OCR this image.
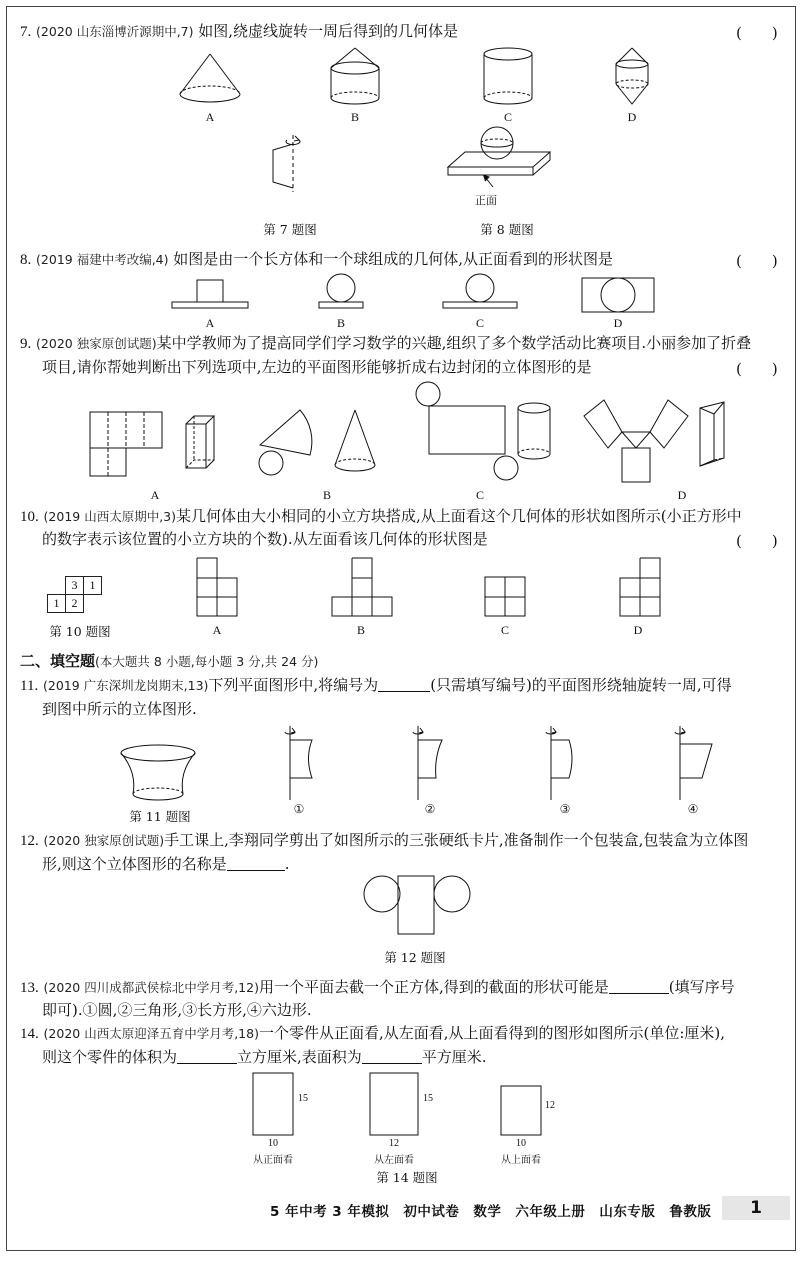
7. (2020 山东淄博沂源期中,7) 如图,绕虚线旋转一周后得到的几何体是	(　　)
A	B	C	D
第 7 题图
正面
第 8 题图
8. (2019 福建中考改编,4) 如图是由一个长方体和一个球组成的几何体,从正面看到的形状图是	(　　)
A	B	C	D
9. (2020 独家原创试题)某中学教师为了提高同学们学习数学的兴趣,组织了多个数学活动比赛项目.小丽参加了折叠
项目,请你帮她判断出下列选项中,左边的平面图形能够折成右边封闭的立体图形的是	(　　)
A	B	C	D
10. (2019 山西太原期中,3)某几何体由大小相同的小立方块搭成,从上面看这个几何体的形状如图所示(小正方形中
的数字表示该位置的小立方块的个数).从左面看该几何体的形状图是	(　　)
3	1
1	2
第 10 题图	A	B	C	D
二、填空题(本大题共 8 小题,每小题 3 分,共 24 分)
11. (2019 广东深圳龙岗期末,13)下列平面图形中,将编号为	(只需填写编号)的平面图形绕轴旋转一周,可得
到图中所示的立体图形.
第 11 题图	①	②	③	④
12. (2020 独家原创试题)手工课上,李翔同学剪出了如图所示的三张硬纸卡片,准备制作一个包装盒,包装盒为立体图
形,则这个立体图形的名称是	.
第 12 题图
13. (2020 四川成都武侯棕北中学月考,12)用一个平面去截一个正方体,得到的截面的形状可能是	(填写序号
即可).①圆,②三角形,③长方形,④六边形.
14. (2020 山西太原迎泽五育中学月考,18)一个零件从正面看,从左面看,从上面看得到的图形如图所示(单位:厘米),
则这个零件的体积为	立方厘米,表面积为	平方厘米.
15
10
从正面看
15
12
从左面看
12
10
从上面看
第 14 题图
5 年中考 3 年模拟　初中试卷　数学　六年级上册　山东专版　鲁教版	1
